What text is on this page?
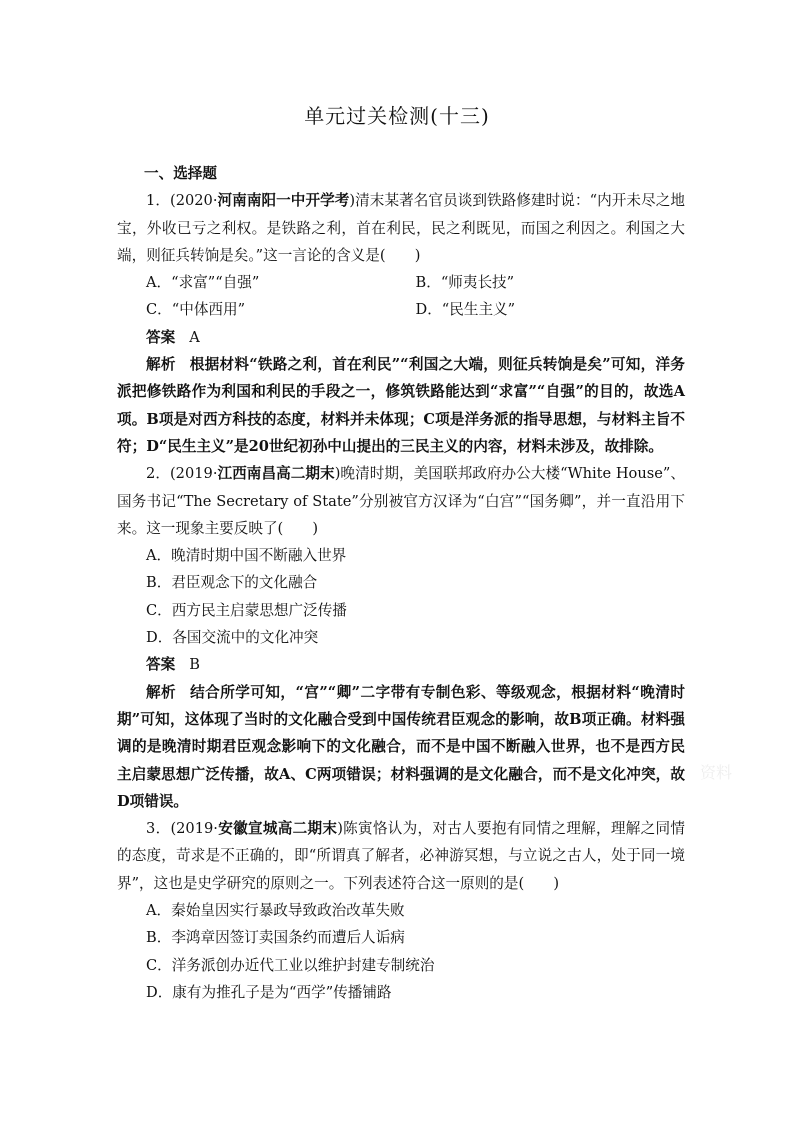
单元过关检测(十三)
一、选择题
1．(2020·河南南阳一中开学考)清末某著名官员谈到铁路修建时说：“内开未尽之地宝，外收已亏之利权。是铁路之利，首在利民，民之利既见，而国之利因之。利国之大端，则征兵转饷是矣。”这一言论的含义是(　　)
A．“求富”“自强”	B．“师夷长技”
C．“中体西用”	D．“民生主义”
答案 A
解析 根据材料“铁路之利，首在利民”“利国之大端，则征兵转饷是矣”可知，洋务派把修铁路作为利国和利民的手段之一，修筑铁路能达到“求富”“自强”的目的，故选A项。B项是对西方科技的态度，材料并未体现；C项是洋务派的指导思想，与材料主旨不符；D“民生主义”是20世纪初孙中山提出的三民主义的内容，材料未涉及，故排除。
2．(2019·江西南昌高二期末)晚清时期，美国联邦政府办公大楼“White House”、国务书记“The Secretary of State”分别被官方汉译为“白宫”“国务卿”，并一直沿用下来。这一现象主要反映了(　　)
A．晚清时期中国不断融入世界
B．君臣观念下的文化融合
C．西方民主启蒙思想广泛传播
D．各国交流中的文化冲突
答案 B
解析 结合所学可知，“宫”“卿”二字带有专制色彩、等级观念，根据材料“晚清时期”可知，这体现了当时的文化融合受到中国传统君臣观念的影响，故B项正确。材料强调的是晚清时期君臣观念影响下的文化融合，而不是中国不断融入世界，也不是西方民主启蒙思想广泛传播，故A、C两项错误；材料强调的是文化融合，而不是文化冲突，故D项错误。
3．(2019·安徽宣城高二期末)陈寅恪认为，对古人要抱有同情之理解，理解之同情的态度，苛求是不正确的，即“所谓真了解者，必神游冥想，与立说之古人，处于同一境界”，这也是史学研究的原则之一。下列表述符合这一原则的是(　　)
A．秦始皇因实行暴政导致政治改革失败
B．李鸿章因签订卖国条约而遭后人诟病
C．洋务派创办近代工业以维护封建专制统治
D．康有为推孔子是为“西学”传播铺路
资料
